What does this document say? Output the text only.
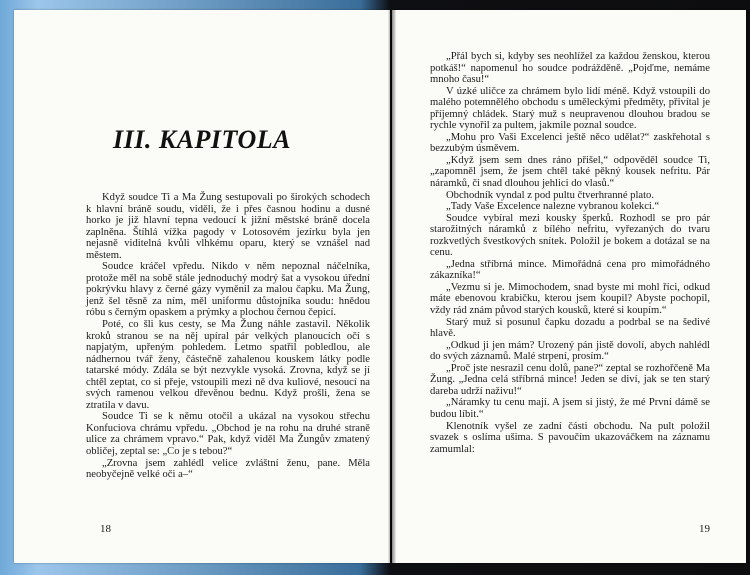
III. KAPITOLA

Když soudce Ti a Ma Žung sestupovali po širokých schodech k hlavní bráně soudu, viděli, že i přes časnou hodinu a dusné horko je již hlavní tepna vedoucí k jižní městské bráně docela zaplněna. Štíhlá vížka pagody v Lotosovém jezírku byla jen nejasně viditelná kvůli vlhkému oparu, který se vznášel nad městem.

Soudce kráčel vpředu. Nikdo v něm nepoznal náčelníka, protože měl na sobě stále jednoduchý modrý šat a vysokou úřední pokrývku hlavy z černé gázy vyměnil za malou čapku. Ma Žung, jenž šel těsně za ním, měl uniformu důstojníka soudu: hnědou róbu s černým opaskem a prýmky a plochou černou čepicí.

Poté, co šli kus cesty, se Ma Žung náhle zastavil. Několik kroků stranou se na něj upíral pár velkých planoucích očí s napjatým, upřeným pohledem. Letmo spatřil pobledlou, ale nádhernou tvář ženy, částečně zahalenou kouskem látky podle tatarské módy. Zdála se být nezvykle vysoká. Zrovna, když se jí chtěl zeptat, co si přeje, vstoupili mezi ně dva kuliové, nesoucí na svých ramenou velkou dřevěnou bednu. Když prošli, žena se ztratila v davu.

Soudce Ti se k němu otočil a ukázal na vysokou střechu Konfuciova chrámu vpředu. „Obchod je na rohu na druhé straně ulice za chrámem vpravo.“ Pak, když viděl Ma Žungův zmatený obličej, zeptal se: „Co je s tebou?“

„Zrovna jsem zahlédl velice zvláštní ženu, pane. Měla neobyčejně velké oči a–“

18

„Přál bych si, kdyby ses neohlížel za každou ženskou, kterou potkáš!“ napomenul ho soudce podrážděně. „Pojďme, nemáme mnoho času!“

V úzké uličce za chrámem bylo lidí méně. Když vstoupili do malého potemnělého obchodu s uměleckými předměty, přivítal je příjemný chládek. Starý muž s neupravenou dlouhou bradou se rychle vynořil za pultem, jakmile poznal soudce.

„Mohu pro Vaši Excelenci ještě něco udělat?“ zaskřehotal s bezzubým úsměvem.

„Když jsem sem dnes ráno přišel,“ odpověděl soudce Ti, „zapomněl jsem, že jsem chtěl také pěkný kousek nefritu. Pár náramků, či snad dlouhou jehlici do vlasů.“

Obchodník vyndal z pod pultu čtverhranné plato.

„Tady Vaše Excelence nalezne vybranou kolekci.“

Soudce vybíral mezi kousky šperků. Rozhodl se pro pár starožitných náramků z bílého nefritu, vyřezaných do tvaru rozkvetlých švestkových snítek. Položil je bokem a dotázal se na cenu.

„Jedna stříbrná mince. Mimořádná cena pro mimořádného zákazníka!“

„Vezmu si je. Mimochodem, snad byste mi mohl říci, odkud máte ebenovou krabičku, kterou jsem koupil? Abyste pochopil, vždy rád znám původ starých kousků, které si koupím.“

Starý muž si posunul čapku dozadu a podrbal se na šedivé hlavě.

„Odkud ji jen mám? Urozený pán jistě dovolí, abych nahlédl do svých záznamů. Malé strpení, prosím.“

„Proč jste nesrazil cenu dolů, pane?“ zeptal se rozhořčeně Ma Žung. „Jedna celá stříbrná mince! Jeden se diví, jak se ten starý dareba udrží naživu!“

„Náramky tu cenu mají. A jsem si jistý, že mé První dámě se budou líbit.“

Klenotník vyšel ze zadní části obchodu. Na pult položil svazek s oslíma ušima. S pavoučím ukazováčkem na záznamu zamumlal:

19
